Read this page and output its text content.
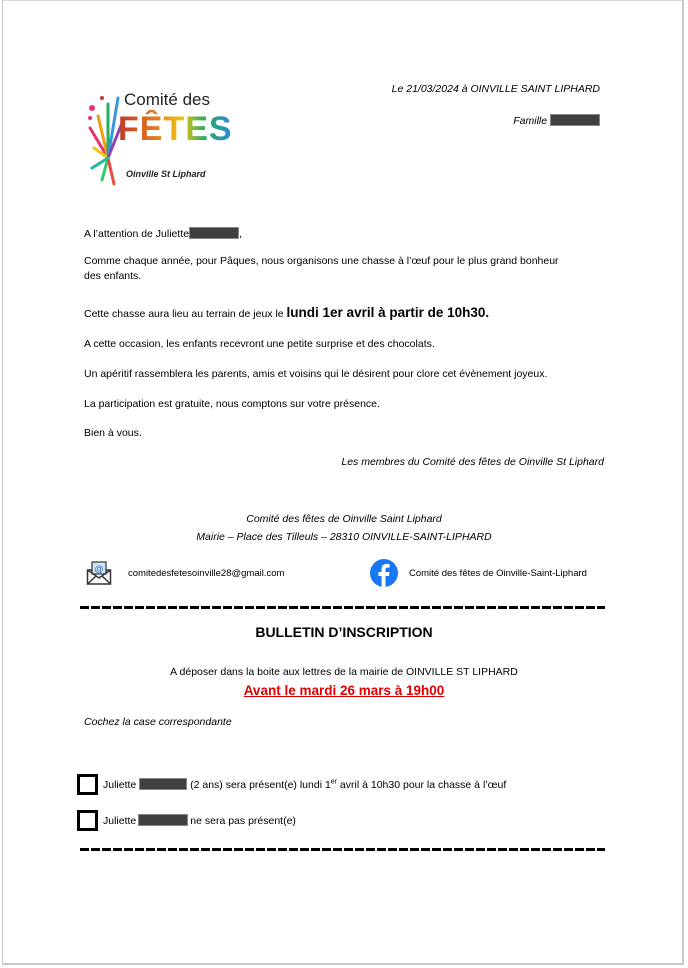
Comité des
FÊTES
Oinville St Liphard
Le 21/03/2024 à OINVILLE SAINT LIPHARD
Famille
A l’attention de Juliette	,
Comme chaque année, pour Pâques, nous organisons une chasse à l’œuf pour le plus grand bonheur
des enfants.
Cette chasse aura lieu au terrain de jeux le lundi 1er avril à partir de 10h30.
A cette occasion, les enfants recevront une petite surprise et des chocolats.
Un apéritif rassemblera les parents, amis et voisins qui le désirent pour clore cet évènement joyeux.
La participation est gratuite, nous comptons sur votre présence.
Bien à vous.
Les membres du Comité des fêtes de Oinville St Liphard
Comité des fêtes de Oinville Saint Liphard
Mairie – Place des Tilleuls – 28310 OINVILLE-SAINT-LIPHARD
@	comitedesfetesoinville28@gmail.com	Comité des fêtes de Oinville-Saint-Liphard
BULLETIN D’INSCRIPTION
A déposer dans la boite aux lettres de la mairie de OINVILLE ST LIPHARD
Avant le mardi 26 mars à 19h00
Cochez la case correspondante
Juliette	(2 ans) sera présent(e) lundi 1er avril à 10h30 pour la chasse à l’œuf
Juliette	ne sera pas présent(e)
